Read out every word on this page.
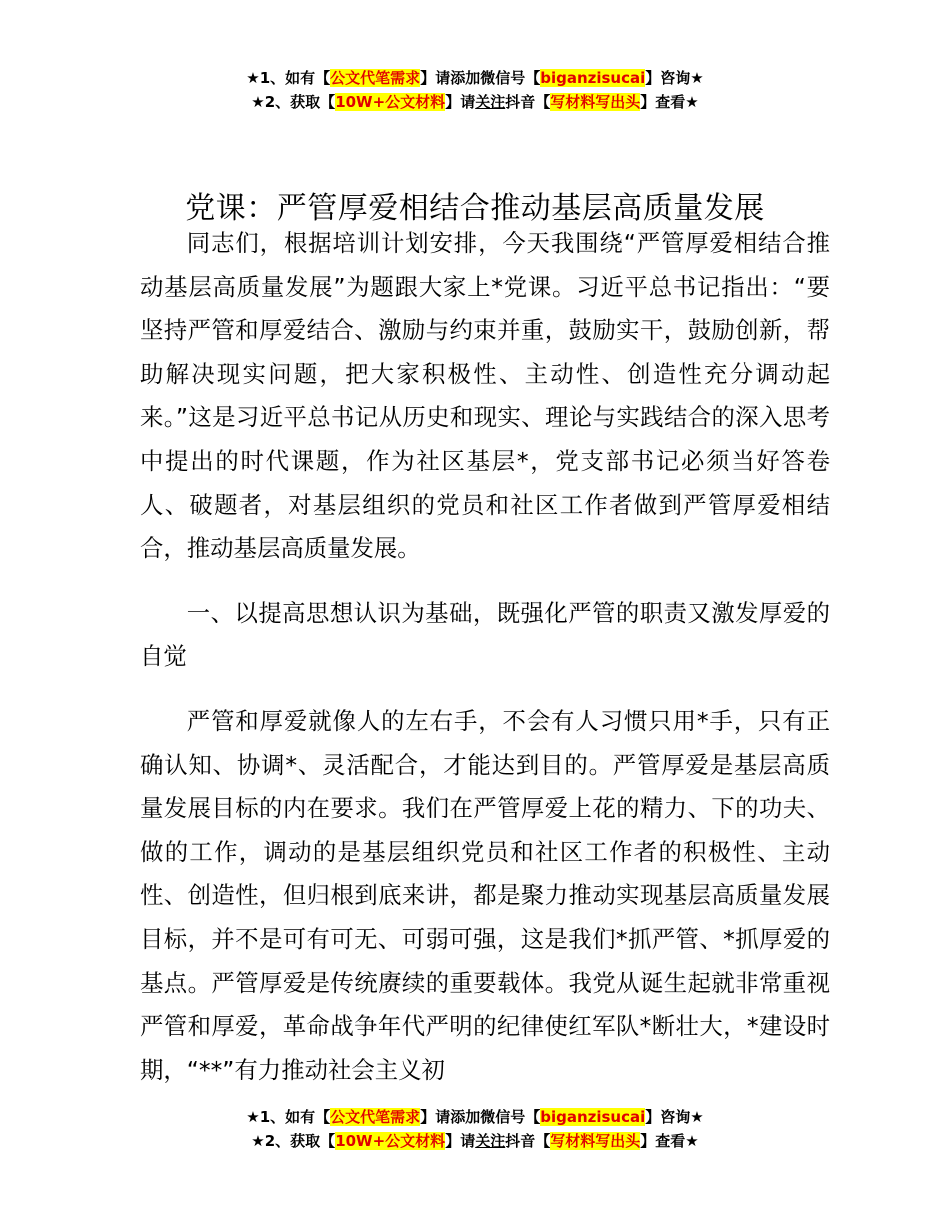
★1、如有【公文代笔需求】请添加微信号【biganzisucai】咨询★
★2、获取【10W+公文材料】请关注抖音【写材料写出头】查看★
党课：严管厚爱相结合推动基层高质量发展

同志们，根据培训计划安排，今天我围绕“严管厚爱相结合推动基层高质量发展”为题跟大家上*党课。习近平总书记指出：“要坚持严管和厚爱结合、激励与约束并重，鼓励实干，鼓励创新，帮助解决现实问题，把大家积极性、主动性、创造性充分调动起来。”这是习近平总书记从历史和现实、理论与实践结合的深入思考中提出的时代课题，作为社区基层*，党支部书记必须当好答卷人、破题者，对基层组织的党员和社区工作者做到严管厚爱相结合，推动基层高质量发展。

一、以提高思想认识为基础，既强化严管的职责又激发厚爱的自觉

严管和厚爱就像人的左右手，不会有人习惯只用*手，只有正确认知、协调*、灵活配合，才能达到目的。严管厚爱是基层高质量发展目标的内在要求。我们在严管厚爱上花的精力、下的功夫、做的工作，调动的是基层组织党员和社区工作者的积极性、主动性、创造性，但归根到底来讲，都是聚力推动实现基层高质量发展目标，并不是可有可无、可弱可强，这是我们*抓严管、*抓厚爱的基点。严管厚爱是传统赓续的重要载体。我党从诞生起就非常重视严管和厚爱，革命战争年代严明的纪律使红军队*断壮大，*建设时期，“**”有力推动社会主义初

★1、如有【公文代笔需求】请添加微信号【biganzisucai】咨询★
★2、获取【10W+公文材料】请关注抖音【写材料写出头】查看★
